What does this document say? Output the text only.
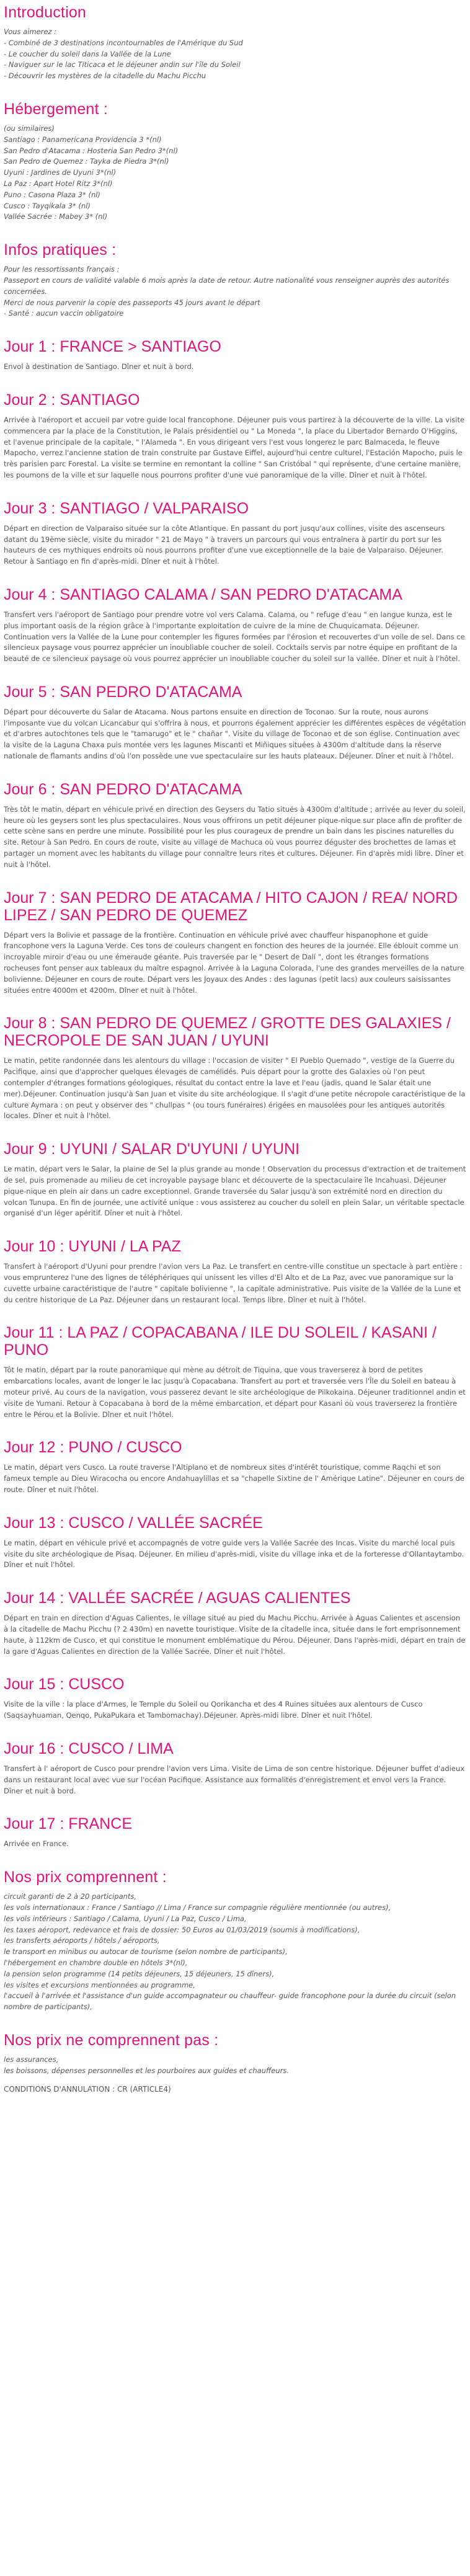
Introduction
Vous aimerez :
- Combiné de 3 destinations incontournables de l'Amérique du Sud
- Le coucher du soleil dans la Vallée de la Lune
- Naviguer sur le lac Titicaca et le déjeuner andin sur l'île du Soleil
- Découvrir les mystères de la citadelle du Machu Picchu
Hébergement :
(ou similaires)
Santiago : Panamericana Providencia 3 *(nl)
San Pedro d'Atacama : Hosteria San Pedro 3*(nl)
San Pedro de Quemez : Tayka de Piedra 3*(nl)
Uyuni : Jardines de Uyuni 3*(nl)
La Paz : Apart Hotel Ritz 3*(nl)
Puno : Casona Plaza 3* (nl)
Cusco : Tayqikala 3* (nl)
Vallée Sacrée : Mabey 3* (nl)
Infos pratiques :
Pour les ressortissants français :
Passeport en cours de validité valable 6 mois après la date de retour. Autre nationalité vous renseigner auprès des autorités concernées.
Merci de nous parvenir la copie des passeports 45 jours avant le départ
- Santé : aucun vaccin obligatoire
Jour 1 : FRANCE > SANTIAGO
Envol à destination de Santiago. Dîner et nuit à bord.
Jour 2 : SANTIAGO
Arrivée à l'aéroport et accueil par votre guide local francophone. Déjeuner puis vous partirez à la découverte de la ville. La visite commencera par la place de la Constitution, le Palais présidentiel ou " La Moneda ", la place du Libertador Bernardo O'Higgins, et l'avenue principale de la capitale, " l'Alameda ". En vous dirigeant vers l'est vous longerez le parc Balmaceda, le fleuve Mapocho, verrez l'ancienne station de train construite par Gustave Eiffel, aujourd'hui centre culturel, l'Estación Mapocho, puis le très parisien parc Forestal. La visite se termine en remontant la colline " San Cristóbal " qui représente, d'une certaine manière, les poumons de la ville et sur laquelle nous pourrons profiter d'une vue panoramique de la ville. Dîner et nuit à l'hôtel.
Jour 3 : SANTIAGO / VALPARAISO
Départ en direction de Valparaiso située sur la côte Atlantique. En passant du port jusqu'aux collines, visite des ascenseurs datant du 19ème siècle, visite du mirador " 21 de Mayo " à travers un parcours qui vous entraînera à partir du port sur les hauteurs de ces mythiques endroits où nous pourrons profiter d'une vue exceptionnelle de la baie de Valparaiso. Déjeuner. Retour à Santiago en fin d'après-midi. Dîner et nuit à l'hôtel.
Jour 4 : SANTIAGO CALAMA / SAN PEDRO D'ATACAMA
Transfert vers l'aéroport de Santiago pour prendre votre vol vers Calama. Calama, ou " refuge d'eau " en langue kunza, est le plus important oasis de la région grâce à l'importante exploitation de cuivre de la mine de Chuquicamata. Déjeuner. Continuation vers la Vallée de la Lune pour contempler les figures formées par l'érosion et recouvertes d'un voile de sel. Dans ce silencieux paysage vous pourrez apprécier un inoubliable coucher de soleil. Cocktails servis par notre équipe en profitant de la beauté de ce silencieux paysage où vous pourrez apprécier un inoubliable coucher du soleil sur la vallée. Dîner et nuit à l'hôtel.
Jour 5 : SAN PEDRO D'ATACAMA
Départ pour découverte du Salar de Atacama. Nous partons ensuite en direction de Toconao. Sur la route, nous aurons l'imposante vue du volcan Licancabur qui s'offrira à nous, et pourrons également apprécier les différentes espèces de végétation et d'arbres autochtones tels que le "tamarugo" et le " chañar ". Visite du village de Toconao et de son église. Continuation avec la visite de la Laguna Chaxa puis montée vers les lagunes Miscanti et Miñiques situées à 4300m d'altitude dans la réserve nationale de flamants andins d'où l'on possède une vue spectaculaire sur les hauts plateaux. Déjeuner. Dîner et nuit à l'hôtel.
Jour 6 : SAN PEDRO D'ATACAMA
Très tôt le matin, départ en véhicule privé en direction des Geysers du Tatio situés à 4300m d'altitude ; arrivée au lever du soleil, heure où les geysers sont les plus spectaculaires. Nous vous offrirons un petit déjeuner pique-nique sur place afin de profiter de cette scène sans en perdre une minute. Possibilité pour les plus courageux de prendre un bain dans les piscines naturelles du site. Retour à San Pedro. En cours de route, visite au village de Machuca où vous pourrez déguster des brochettes de lamas et partager un moment avec les habitants du village pour connaître leurs rites et cultures. Déjeuner. Fin d'après midi libre. Dîner et nuit à l'hôtel.
Jour 7 : SAN PEDRO DE ATACAMA / HITO CAJON / REA/ NORD LIPEZ / SAN PEDRO DE QUEMEZ
Départ vers la Bolivie et passage de la frontière. Continuation en véhicule privé avec chauffeur hispanophone et guide francophone vers la Laguna Verde. Ces tons de couleurs changent en fonction des heures de la journée. Elle éblouit comme un incroyable miroir d'eau ou une émeraude géante. Puis traversée par le " Desert de Dalí ", dont les étranges formations rocheuses font penser aux tableaux du maître espagnol. Arrivée à la Laguna Colorada, l'une des grandes merveilles de la nature bolivienne. Déjeuner en cours de route. Départ vers les Joyaux des Andes : des lagunas (petit lacs) aux couleurs saisissantes situées entre 4000m et 4200m. Dîner et nuit à l'hôtel.
Jour 8 : SAN PEDRO DE QUEMEZ / GROTTE DES GALAXIES / NECROPOLE DE SAN JUAN / UYUNI
Le matin, petite randonnée dans les alentours du village : l'occasion de visiter " El Pueblo Quemado ", vestige de la Guerre du Pacifique, ainsi que d'approcher quelques élevages de camélidés. Puis départ pour la grotte des Galaxies où l'on peut contempler d'étranges formations géologiques, résultat du contact entre la lave et l'eau (jadis, quand le Salar était une mer).Déjeuner. Continuation jusqu'à San Juan et visite du site archéologique. Il s'agit d'une petite nécropole caractéristique de la culture Aymara : on peut y observer des " chullpas " (ou tours funéraires) érigées en mausolées pour les antiques autorités locales. Dîner et nuit à l'hôtel.
Jour 9 : UYUNI / SALAR D'UYUNI / UYUNI
Le matin, départ vers le Salar, la plaine de Sel la plus grande au monde ! Observation du processus d'extraction et de traitement de sel, puis promenade au milieu de cet incroyable paysage blanc et découverte de la spectaculaire île Incahuasi. Déjeuner pique-nique en plein air dans un cadre exceptionnel. Grande traversée du Salar jusqu'à son extrémité nord en direction du volcan Tunupa. En fin de journée, une activité unique : vous assisterez au coucher du soleil en plein Salar, un véritable spectacle organisé d'un léger apéritif. Dîner et nuit à l'hôtel.
Jour 10 : UYUNI / LA PAZ
Transfert à l'aéroport d'Uyuni pour prendre l'avion vers La Paz. Le transfert en centre-ville constitue un spectacle à part entière : vous emprunterez l'une des lignes de téléphériques qui unissent les villes d'El Alto et de La Paz, avec vue panoramique sur la cuvette urbaine caractéristique de l'autre " capitale bolivienne ", la capitale administrative. Puis visite de la Vallée de la Lune et du centre historique de La Paz. Déjeuner dans un restaurant local. Temps libre. Dîner et nuit à l'hôtel.
Jour 11 : LA PAZ / COPACABANA / ILE DU SOLEIL / KASANI / PUNO
Tôt le matin, départ par la route panoramique qui mène au détroit de Tiquina, que vous traverserez à bord de petites embarcations locales, avant de longer le lac jusqu'à Copacabana. Transfert au port et traversée vers l'Île du Soleil en bateau à moteur privé. Au cours de la navigation, vous passerez devant le site archéologique de Pilkokaina. Déjeuner traditionnel andin et visite de Yumani. Retour à Copacabana à bord de la même embarcation, et départ pour Kasani où vous traverserez la frontière entre le Pérou et la Bolivie. Dîner et nuit l'hôtel.
Jour 12 : PUNO / CUSCO
Le matin, départ vers Cusco. La route traverse l'Altiplano et de nombreux sites d'intérêt touristique, comme Raqchi et son fameux temple au Dieu Wiracocha ou encore Andahuaylillas et sa "chapelle Sixtine de l' Amérique Latine". Déjeuner en cours de route. Dîner et nuit l'hôtel.
Jour 13 : CUSCO / VALLÉE SACRÉE
Le matin, départ en véhicule privé et accompagnés de votre guide vers la Vallée Sacrée des Incas. Visite du marché local puis visite du site archéologique de Pisaq. Déjeuner. En milieu d'après-midi, visite du village inka et de la forteresse d'Ollantaytambo. Dîner et nuit l'hôtel.
Jour 14 : VALLÉE SACRÉE / AGUAS CALIENTES
Départ en train en direction d'Aguas Calientes, le village situé au pied du Machu Picchu. Arrivée à Aguas Calientes et ascension à la citadelle de Machu Picchu (? 2 430m) en navette touristique. Visite de la citadelle inca, située dans le fort emprisonnement haute, à 112km de Cusco, et qui constitue le monument emblématique du Pérou. Déjeuner. Dans l'après-midi, départ en train de la gare d'Aguas Calientes en direction de la Vallée Sacrée. Dîner et nuit l'hôtel.
Jour 15 : CUSCO
Visite de la ville : la place d'Armes, le Temple du Soleil ou Qorikancha et des 4 Ruines situées aux alentours de Cusco (Saqsayhuaman, Qenqo, PukaPukara et Tambomachay).Déjeuner. Après-midi libre. Dîner et nuit l'hôtel.
Jour 16 : CUSCO / LIMA
Transfert à l' aéroport de Cusco pour prendre l'avion vers Lima. Visite de Lima de son centre historique. Déjeuner buffet d'adieux dans un restaurant local avec vue sur l'océan Pacifique. Assistance aux formalités d'enregistrement et envol vers la France. Dîner et nuit à bord.
Jour 17 : FRANCE
Arrivée en France.
Nos prix comprennent :
circuit garanti de 2 à 20 participants,
les vols internationaux : France / Santiago // Lima / France sur compagnie régulière mentionnée (ou autres),
les vols intérieurs : Santiago / Calama, Uyuni / La Paz, Cusco / Lima,
les taxes aéroport, redevance et frais de dossier: 50 Euros au 01/03/2019 (soumis à modifications),
les transferts aéroports / hôtels / aéroports,
le transport en minibus ou autocar de tourisme (selon nombre de participants),
l'hébergement en chambre double en hôtels 3*(nl),
la pension selon programme (14 petits déjeuners, 15 déjeuners, 15 dîners),
les visites et excursions mentionnées au programme,
l'accueil à l'arrivée et l'assistance d'un guide accompagnateur ou chauffeur- guide francophone pour la durée du circuit (selon nombre de participants),
Nos prix ne comprennent pas :
les assurances,
les boissons, dépenses personnelles et les pourboires aux guides et chauffeurs.
CONDITIONS D'ANNULATION : CR (ARTICLE4)
